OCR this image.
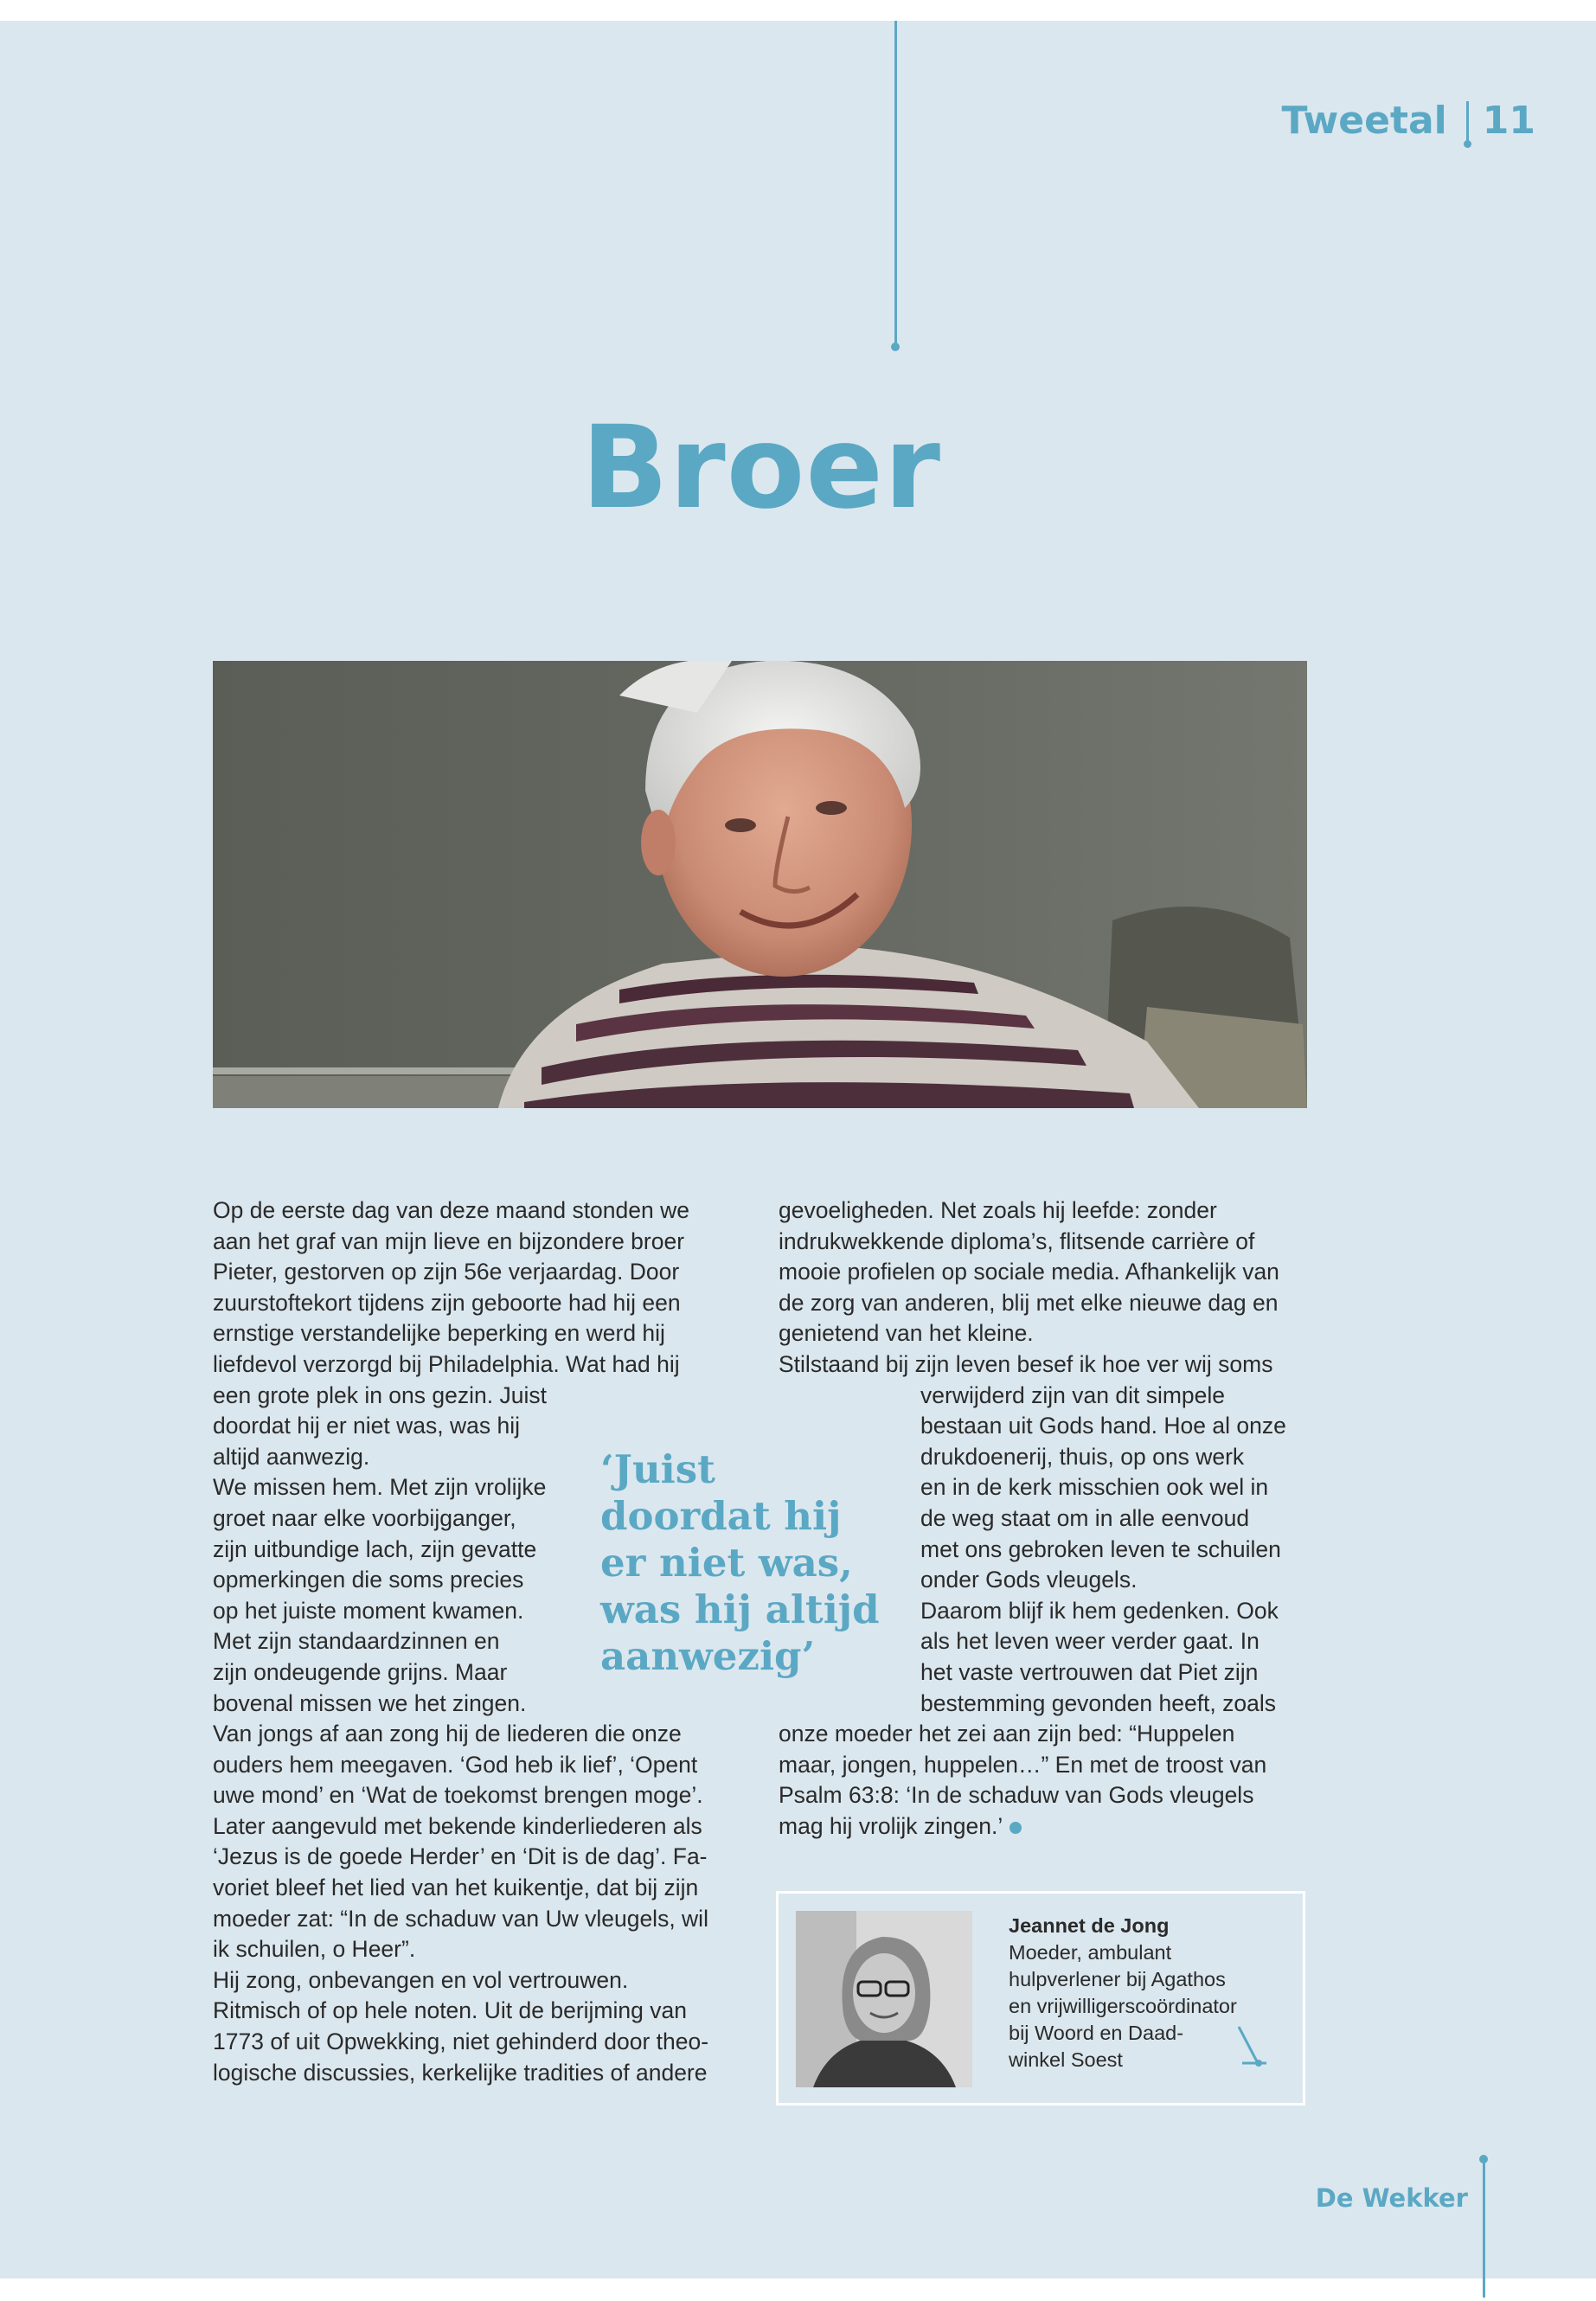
Tweetal 11
Broer
Op de eerste dag van deze maand stonden we
aan het graf van mijn lieve en bijzondere broer
Pieter, gestorven op zijn 56e verjaardag. Door
zuurstoftekort tijdens zijn geboorte had hij een
ernstige verstandelijke beperking en werd hij
liefdevol verzorgd bij Philadelphia. Wat had hij
een grote plek in ons gezin. Juist
doordat hij er niet was, was hij
altijd aanwezig.
We missen hem. Met zijn vrolijke
groet naar elke voorbijganger,
zijn uitbundige lach, zijn gevatte
opmerkingen die soms precies
op het juiste moment kwamen.
Met zijn standaardzinnen en
zijn ondeugende grijns. Maar
bovenal missen we het zingen.
Van jongs af aan zong hij de liederen die onze
ouders hem meegaven. ‘God heb ik lief’, ‘Opent
uwe mond’ en ‘Wat de toekomst brengen moge’.
Later aangevuld met bekende kinderliederen als
‘Jezus is de goede Herder’ en ‘Dit is de dag’. Fa-
voriet bleef het lied van het kuikentje, dat bij zijn
moeder zat: “In de schaduw van Uw vleugels, wil
ik schuilen, o Heer”.
Hij zong, onbevangen en vol vertrouwen.
Ritmisch of op hele noten. Uit de berijming van
1773 of uit Opwekking, niet gehinderd door theo-
logische discussies, kerkelijke tradities of andere

‘Juist doordat hij er niet was, was hij altijd aanwezig’

gevoeligheden. Net zoals hij leefde: zonder
indrukwekkende diploma’s, flitsende carrière of
mooie profielen op sociale media. Afhankelijk van
de zorg van anderen, blij met elke nieuwe dag en
genietend van het kleine.
Stilstaand bij zijn leven besef ik hoe ver wij soms
verwijderd zijn van dit simpele
bestaan uit Gods hand. Hoe al onze
drukdoenerij, thuis, op ons werk
en in de kerk misschien ook wel in
de weg staat om in alle eenvoud
met ons gebroken leven te schuilen
onder Gods vleugels.
Daarom blijf ik hem gedenken. Ook
als het leven weer verder gaat. In
het vaste vertrouwen dat Piet zijn
bestemming gevonden heeft, zoals
onze moeder het zei aan zijn bed: “Huppelen
maar, jongen, huppelen…” En met de troost van
Psalm 63:8: ‘In de schaduw van Gods vleugels
mag hij vrolijk zingen.’
Jeannet de Jong
Moeder, ambulant
hulpverlener bij Agathos
en vrijwilligerscoördinator
bij Woord en Daad-
winkel Soest
De Wekker
